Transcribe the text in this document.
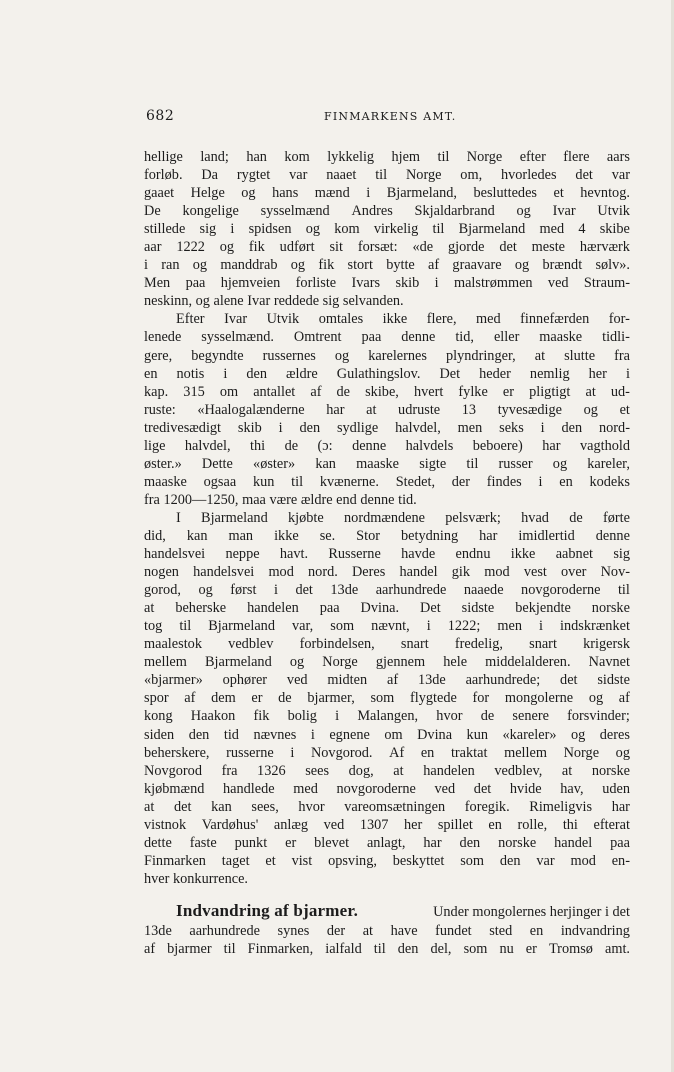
682	FINMARKENS AMT.
hellige land; han kom lykkelig hjem til Norge efter flere aars
forløb. Da rygtet var naaet til Norge om, hvorledes det var
gaaet Helge og hans mænd i Bjarmeland, besluttedes et hevntog.
De kongelige sysselmænd Andres Skjaldarbrand og Ivar Utvik
stillede sig i spidsen og kom virkelig til Bjarmeland med 4 skibe
aar 1222 og fik udført sit forsæt: «de gjorde det meste hærværk
i ran og manddrab og fik stort bytte af graavare og brændt sølv».
Men paa hjemveien forliste Ivars skib i malstrømmen ved Straum-
neskinn, og alene Ivar reddede sig selvanden.
Efter Ivar Utvik omtales ikke flere, med finnefærden for-
lenede sysselmænd. Omtrent paa denne tid, eller maaske tidli-
gere, begyndte russernes og karelernes plyndringer, at slutte fra
en notis i den ældre Gulathingslov. Det heder nemlig her i
kap. 315 om antallet af de skibe, hvert fylke er pligtigt at ud-
ruste: «Haalogalænderne har at udruste 13 tyvesædige og et
tredivesædigt skib i den sydlige halvdel, men seks i den nord-
lige halvdel, thi de (ɔ: denne halvdels beboere) har vagthold
øster.» Dette «øster» kan maaske sigte til russer og kareler,
maaske ogsaa kun til kvænerne. Stedet, der findes i en kodeks
fra 1200—1250, maa være ældre end denne tid.
I Bjarmeland kjøbte nordmændene pelsværk; hvad de førte
did, kan man ikke se. Stor betydning har imidlertid denne
handelsvei neppe havt. Russerne havde endnu ikke aabnet sig
nogen handelsvei mod nord. Deres handel gik mod vest over Nov-
gorod, og først i det 13de aarhundrede naaede novgoroderne til
at beherske handelen paa Dvina. Det sidste bekjendte norske
tog til Bjarmeland var, som nævnt, i 1222; men i indskrænket
maalestok vedblev forbindelsen, snart fredelig, snart krigersk
mellem Bjarmeland og Norge gjennem hele middelalderen. Navnet
«bjarmer» ophører ved midten af 13de aarhundrede; det sidste
spor af dem er de bjarmer, som flygtede for mongolerne og af
kong Haakon fik bolig i Malangen, hvor de senere forsvinder;
siden den tid nævnes i egnene om Dvina kun «kareler» og deres
beherskere, russerne i Novgorod. Af en traktat mellem Norge og
Novgorod fra 1326 sees dog, at handelen vedblev, at norske
kjøbmænd handlede med novgoroderne ved det hvide hav, uden
at det kan sees, hvor vareomsætningen foregik. Rimeligvis har
vistnok Vardøhus' anlæg ved 1307 her spillet en rolle, thi efterat
dette faste punkt er blevet anlagt, har den norske handel paa
Finmarken taget et vist opsving, beskyttet som den var mod en-
hver konkurrence.
Indvandring af bjarmer.	Under mongolernes herjinger i det
13de aarhundrede synes der at have fundet sted en indvandring
af bjarmer til Finmarken, ialfald til den del, som nu er Tromsø amt.
